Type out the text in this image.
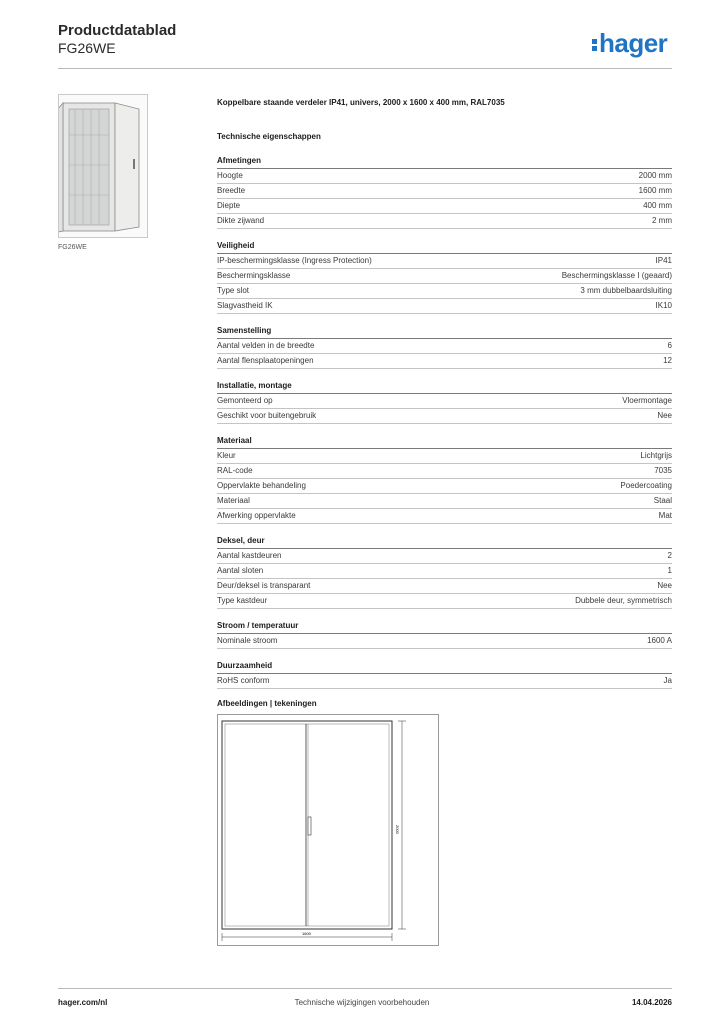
Productdatablad
FG26WE	hager
FG26WE
Koppelbare staande verdeler IP41, univers, 2000 x 1600 x 400 mm, RAL7035
Technische eigenschappen
Afmetingen
Hoogte	2000 mm
Breedte	1600 mm
Diepte	400 mm
Dikte zijwand	2 mm
Veiligheid
IP-beschermingsklasse (Ingress Protection)	IP41
Beschermingsklasse	Beschermingsklasse I (geaard)
Type slot	3 mm dubbelbaardsluiting
Slagvastheid IK	IK10
Samenstelling
Aantal velden in de breedte	6
Aantal flensplaatopeningen	12
Installatie, montage
Gemonteerd op	Vloermontage
Geschikt voor buitengebruik	Nee
Materiaal
Kleur	Lichtgrijs
RAL-code	7035
Oppervlakte behandeling	Poedercoating
Materiaal	Staal
Afwerking oppervlakte	Mat
Deksel, deur
Aantal kastdeuren	2
Aantal sloten	1
Deur/deksel is transparant	Nee
Type kastdeur	Dubbele deur, symmetrisch
Stroom / temperatuur
Nominale stroom	1600 A
Duurzaamheid
RoHS conform	Ja
Afbeeldingen | tekeningen
2000
1600
hager.com/nl	Technische wijzigingen voorbehouden	14.04.2026
